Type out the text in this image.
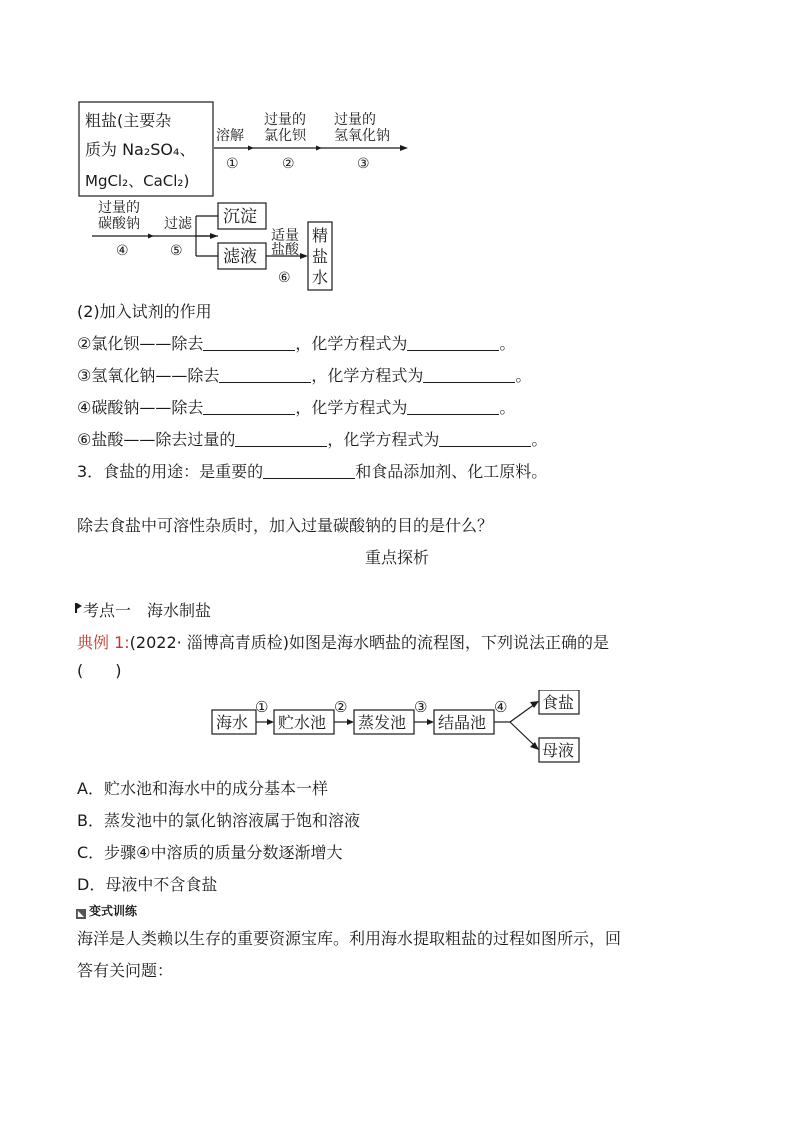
粗盐(主要杂
质为 Na₂SO₄、
MgCl₂、CaCl₂)
溶解
①
过量的
氯化钡
②
过量的
氢氧化钠
③
过量的
碳酸钠
④
过滤
⑤
沉淀
滤液
适量
盐酸
⑥
精
盐
水
(2)加入试剂的作用
②氯化钡——除去	，化学方程式为	。
③氢氧化钠——除去	，化学方程式为	。
④碳酸钠——除去	，化学方程式为	。
⑥盐酸——除去过量的	，化学方程式为	。
3．食盐的用途：是重要的	和食品添加剂、化工原料。
除去食盐中可溶性杂质时，加入过量碳酸钠的目的是什么？
重点探析
考点一　海水制盐
典例 1:(2022· 淄博高青质检)如图是海水晒盐的流程图，下列说法正确的是
(　　)
海水
①
贮水池
②
蒸发池
③
结晶池
④ 食盐
母液
A．贮水池和海水中的成分基本一样
B．蒸发池中的氯化钠溶液属于饱和溶液
C．步骤④中溶质的质量分数逐渐增大
D．母液中不含食盐
◣ 变式训练
海洋是人类赖以生存的重要资源宝库。利用海水提取粗盐的过程如图所示，回
答有关问题：
